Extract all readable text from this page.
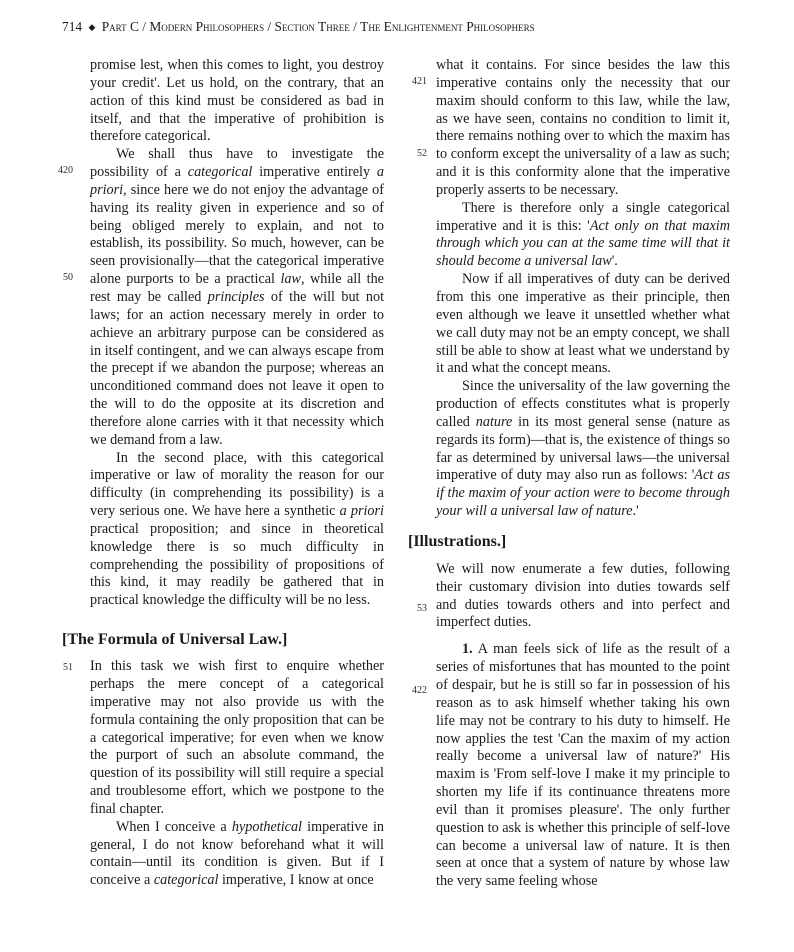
714 ◆ Part C / Modern Philosophers / Section Three / The Enlightenment Philosophers
420
50
51
421
52
53
422

promise lest, when this comes to light, you destroy your credit'. Let us hold, on the contrary, that an action of this kind must be considered as bad in itself, and that the imperative of prohibition is therefore categorical.

We shall thus have to investigate the possibility of a categorical imperative entirely a priori, since here we do not enjoy the advantage of having its reality given in experience and so of being obliged merely to explain, and not to establish, its possibility. So much, however, can be seen provisionally—that the categorical imperative alone purports to be a practical law, while all the rest may be called principles of the will but not laws; for an action necessary merely in order to achieve an arbitrary purpose can be considered as in itself contingent, and we can always escape from the precept if we abandon the purpose; whereas an unconditioned command does not leave it open to the will to do the opposite at its discretion and therefore alone carries with it that necessity which we demand from a law.

In the second place, with this categorical imperative or law of morality the reason for our difficulty (in comprehending its possibility) is a very serious one. We have here a synthetic a priori practical proposition; and since in theoretical knowledge there is so much difficulty in comprehending the possibility of propositions of this kind, it may readily be gathered that in practical knowledge the difficulty will be no less.

[The Formula of Universal Law.]

In this task we wish first to enquire whether perhaps the mere concept of a categorical imperative may not also provide us with the formula containing the only proposition that can be a categorical imperative; for even when we know the purport of such an absolute command, the question of its possibility will still require a special and troublesome effort, which we postpone to the final chapter.

When I conceive a hypothetical imperative in general, I do not know beforehand what it will contain—until its condition is given. But if I conceive a categorical imperative, I know at once

what it contains. For since besides the law this imperative contains only the necessity that our maxim should conform to this law, while the law, as we have seen, contains no condition to limit it, there remains nothing over to which the maxim has to conform except the universality of a law as such; and it is this conformity alone that the imperative properly asserts to be necessary.

There is therefore only a single categorical imperative and it is this: 'Act only on that maxim through which you can at the same time will that it should become a universal law'.

Now if all imperatives of duty can be derived from this one imperative as their principle, then even although we leave it unsettled whether what we call duty may not be an empty concept, we shall still be able to show at least what we understand by it and what the concept means.

Since the universality of the law governing the production of effects constitutes what is properly called nature in its most general sense (nature as regards its form)—that is, the existence of things so far as determined by universal laws—the universal imperative of duty may also run as follows: 'Act as if the maxim of your action were to become through your will a universal law of nature.'

[Illustrations.]

We will now enumerate a few duties, following their customary division into duties towards self and duties towards others and into perfect and imperfect duties.

1. A man feels sick of life as the result of a series of misfortunes that has mounted to the point of despair, but he is still so far in possession of his reason as to ask himself whether taking his own life may not be contrary to his duty to himself. He now applies the test 'Can the maxim of my action really become a universal law of nature?' His maxim is 'From self-love I make it my principle to shorten my life if its continuance threatens more evil than it promises pleasure'. The only further question to ask is whether this principle of self-love can become a universal law of nature. It is then seen at once that a system of nature by whose law the very same feeling whose
